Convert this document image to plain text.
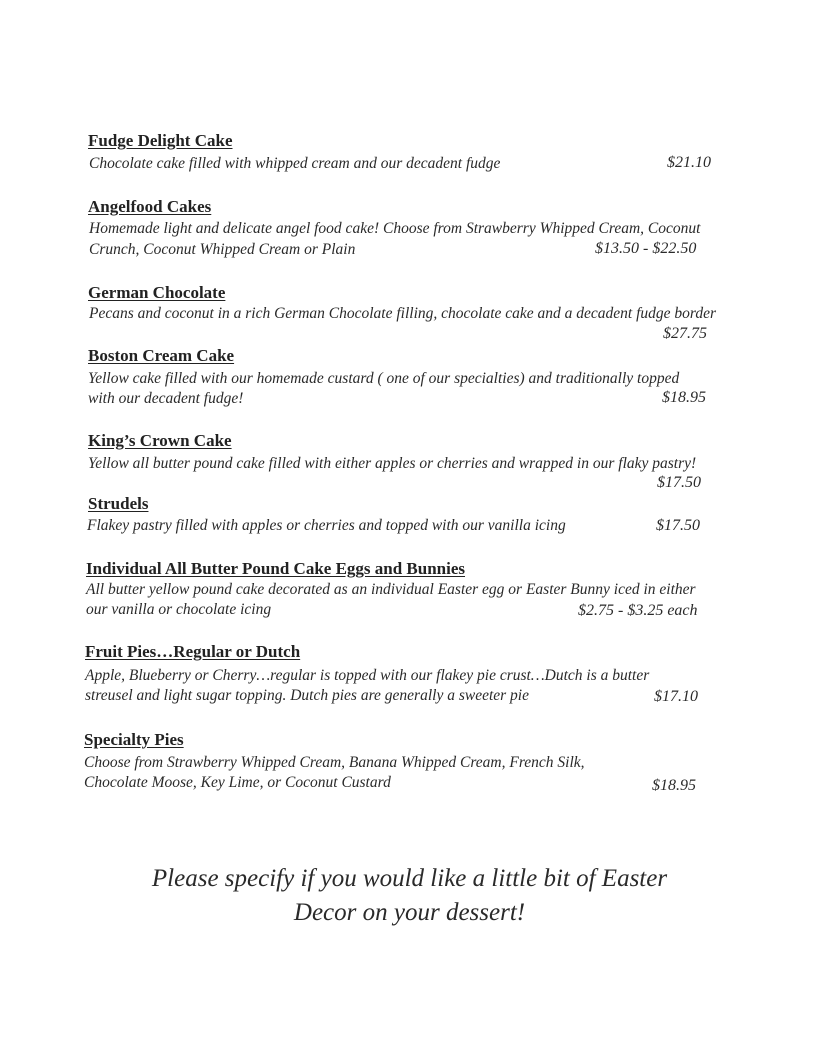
Fudge Delight Cake

Chocolate cake filled with whipped cream and our decadent fudge	$21.10

Angelfood Cakes

Homemade light and delicate angel food cake! Choose from Strawberry Whipped Cream, Coconut

Crunch, Coconut Whipped Cream or Plain	$13.50 - $22.50

German Chocolate

Pecans and coconut in a rich German Chocolate filling, chocolate cake and a decadent fudge border

$27.75

Boston Cream Cake

Yellow cake filled with our homemade custard ( one of our specialties) and traditionally topped

with our decadent fudge!	$18.95

King’s Crown Cake

Yellow all butter pound cake filled with either apples or cherries and wrapped in our flaky pastry!

$17.50

Strudels

Flakey pastry filled with apples or cherries and topped with our vanilla icing	$17.50

Individual All Butter Pound Cake Eggs and Bunnies

All butter yellow pound cake decorated as an individual Easter egg or Easter Bunny iced in either

our vanilla or chocolate icing	$2.75 - $3.25 each

Fruit Pies…Regular or Dutch

Apple, Blueberry or Cherry…regular is topped with our flakey pie crust…Dutch is a butter

streusel and light sugar topping. Dutch pies are generally a sweeter pie	$17.10

Specialty Pies

Choose from Strawberry Whipped Cream, Banana Whipped Cream, French Silk,

Chocolate Moose, Key Lime, or Coconut Custard	$18.95

Please specify if you would like a little bit of Easter
Decor on your dessert!
